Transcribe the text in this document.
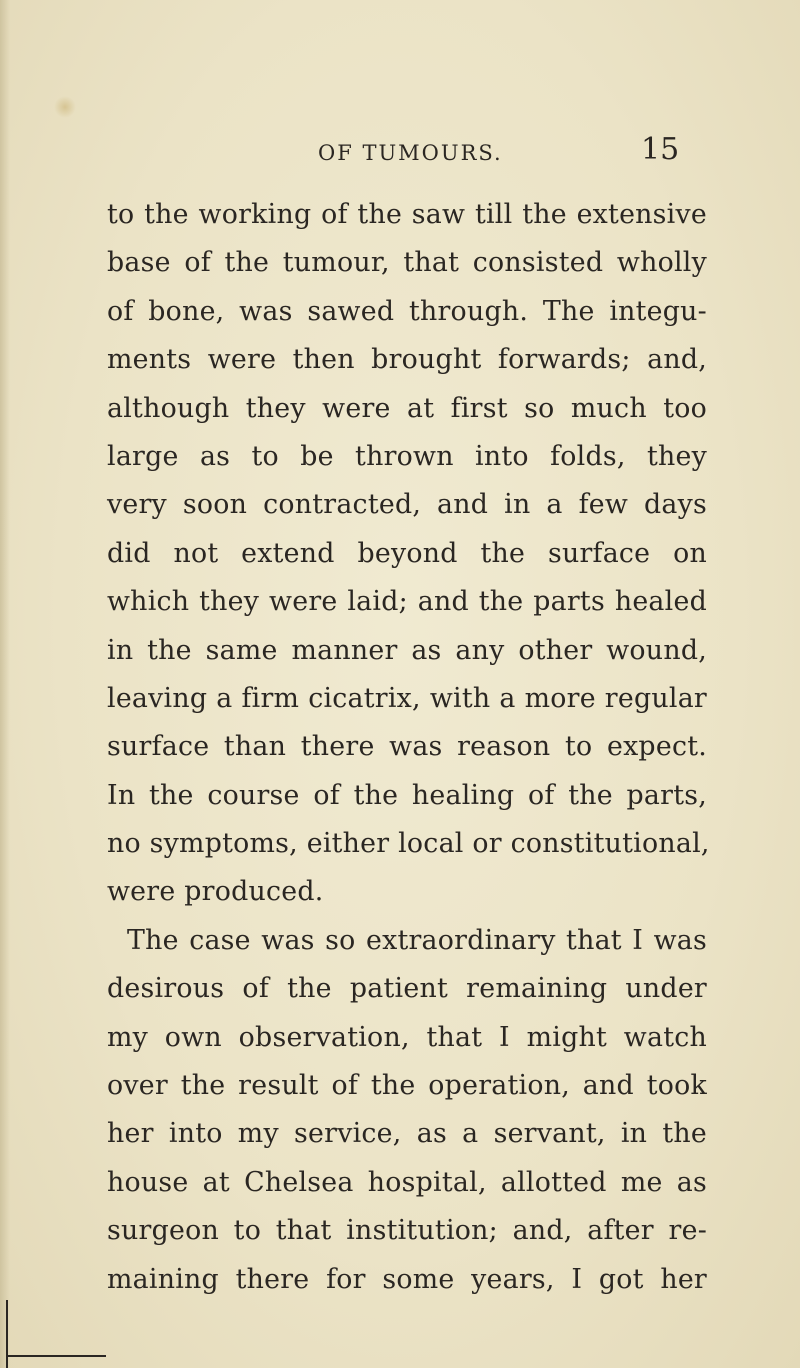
OF TUMOURS.	15
to the working of the saw till the extensive
base of the tumour, that consisted wholly
of bone, was sawed through. The integu-
ments were then brought forwards; and,
although they were at first so much too
large as to be thrown into folds, they
very soon contracted, and in a few days
did not extend beyond the surface on
which they were laid; and the parts healed
in the same manner as any other wound,
leaving a firm cicatrix, with a more regular
surface than there was reason to expect.
In the course of the healing of the parts,
no symptoms, either local or constitutional,
were produced.
The case was so extraordinary that I was
desirous of the patient remaining under
my own observation, that I might watch
over the result of the operation, and took
her into my service, as a servant, in the
house at Chelsea hospital, allotted me as
surgeon to that institution; and, after re-
maining there for some years, I got her
